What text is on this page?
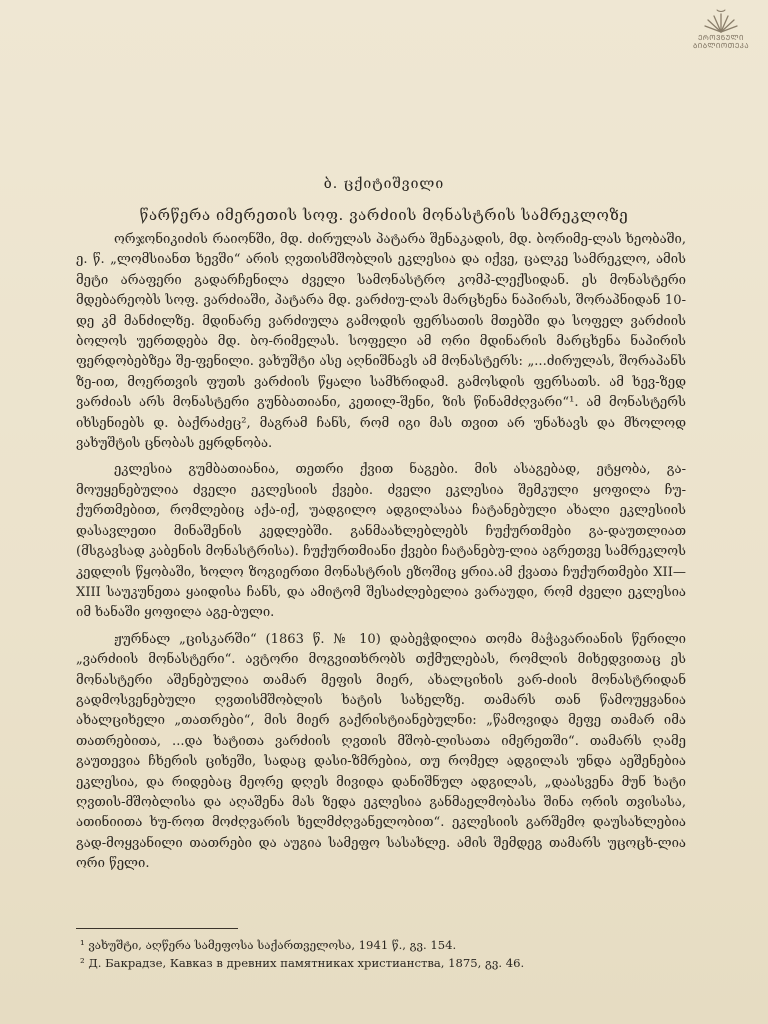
ᲔᲠᲝᲕᲜᲣᲚᲘ
ᲑᲘᲑᲚᲘᲝᲗᲔᲙᲐ
ბ. ცქიტიშვილი
წარწერა იმერეთის სოფ. ვარძიის მონასტრის სამრეკლოზე

ორჯონიკიძის რაიონში, მდ. ძირულას პატარა შენაკადის, მდ. ბორიმე-ლას ხეობაში, ე. წ. „ლომსიანთ ხევში“ არის ღვთისმშობლის ეკლესია და იქვე, ცალკე სამრეკლო, ამის მეტი არაფერი გადარჩენილა ძველი სამონასტრო კომპ-ლექსიდან. ეს მონასტერი მდებარეობს სოფ. ვარძიაში, პატარა მდ. ვარძიუ-ლას მარცხენა ნაპირას, შორაპნიდან 10-დე კმ მანძილზე. მდინარე ვარძიულა გამოდის ფერსათის მთებში და სოფელ ვარძიის ბოლოს უერთდება მდ. ბო-რიმელას. სოფელი ამ ორი მდინარის მარცხენა ნაპირის ფერდობებზეა შე-ფენილი. ვახუშტი ასე აღნიშნავს ამ მონასტერს: „...ძირულას, შორაპანს ზე-ით, მოერთვის ფუთს ვარძიის წყალი სამხრიდამ. გამოსდის ფერსათს. ამ ხევ-ზედ ვარძიას არს მონასტერი გუნბათიანი, კეთილ-შენი, ზის წინამძღვარი“¹. ამ მონასტერს იხსენიებს დ. ბაქრაძეც², მაგრამ ჩანს, რომ იგი მას თვით არ უნახავს და მხოლოდ ვახუშტის ცნობას ეყრდნობა.

ეკლესია გუმბათიანია, თეთრი ქვით ნაგები. მის ასაგებად, ეტყობა, გა-მოუყენებულია ძველი ეკლესიის ქვები. ძველი ეკლესია შემკული ყოფილა ჩუ-ქურთმებით, რომლებიც აქა-იქ, უადგილო ადგილასაა ჩატანებული ახალი ეკლესიის დასავლეთი მინაშენის კედლებში. განმაახლებლებს ჩუქურთმები გა-დაუთლიათ (მსგავსად კაბენის მონასტრისა). ჩუქურთმიანი ქვები ჩატანებუ-ლია აგრეთვე სამრეკლოს კედლის წყობაში, ხოლო ზოგიერთი მონასტრის ეზოშიც ყრია.ამ ქვათა ჩუქურთმები XII—XIII საუკუნეთა ყაიდისა ჩანს, და ამიტომ შესაძლებელია ვარაუდი, რომ ძველი ეკლესია იმ ხანაში ყოფილა აგე-ბული.

ჟურნალ „ცისკარში“ (1863 წ. № 10) დაბეჭდილია თომა მაჭავარიანის წერილი „ვარძიის მონასტერი“. ავტორი მოგვითხრობს თქმულებას, რომლის მიხედვითაც ეს მონასტერი აშენებულია თამარ მეფის მიერ, ახალციხის ვარ-ძიის მონასტრიდან გადმოსვენებული ღვთისმშობლის ხატის სახელზე. თამარს თან წამოუყვანია ახალციხელი „თათრები“, მის მიერ გაქრისტიანებულნი: „წამოვიდა მეფე თამარ იმა თათრებითა, ...და ხატითა ვარძიის ღვთის მშობ-ლისათა იმერეთში“. თამარს ღამე გაუთევია ჩხერის ციხეში, სადაც დასი-ზმრებია, თუ რომელ ადგილას უნდა აეშენებია ეკლესია, და რიდებაც მეორე დღეს მივიდა დანიშნულ ადგილას, „დაასვენა მუნ ხატი ღვთის-მშობლისა და აღაშენა მას ზედა ეკლესია განმაელმობასა შინა ორის თვისასა, ათინიითა ხუ-როთ მოძღვარის ხელმძღვანელობით“. ეკლესიის გარშემო დაუსახლებია გად-მოყვანილი თათრები და აუგია სამეფო სასახლე. ამის შემდეგ თამარს უცოცხ-ლია ორი წელი.

¹ ვახუშტი, აღწერა სამეფოსა საქართველოსა, 1941 წ., გვ. 154.

² Д. Бакрадзе, Кавказ в древних памятниках христианства, 1875, გვ. 46.
